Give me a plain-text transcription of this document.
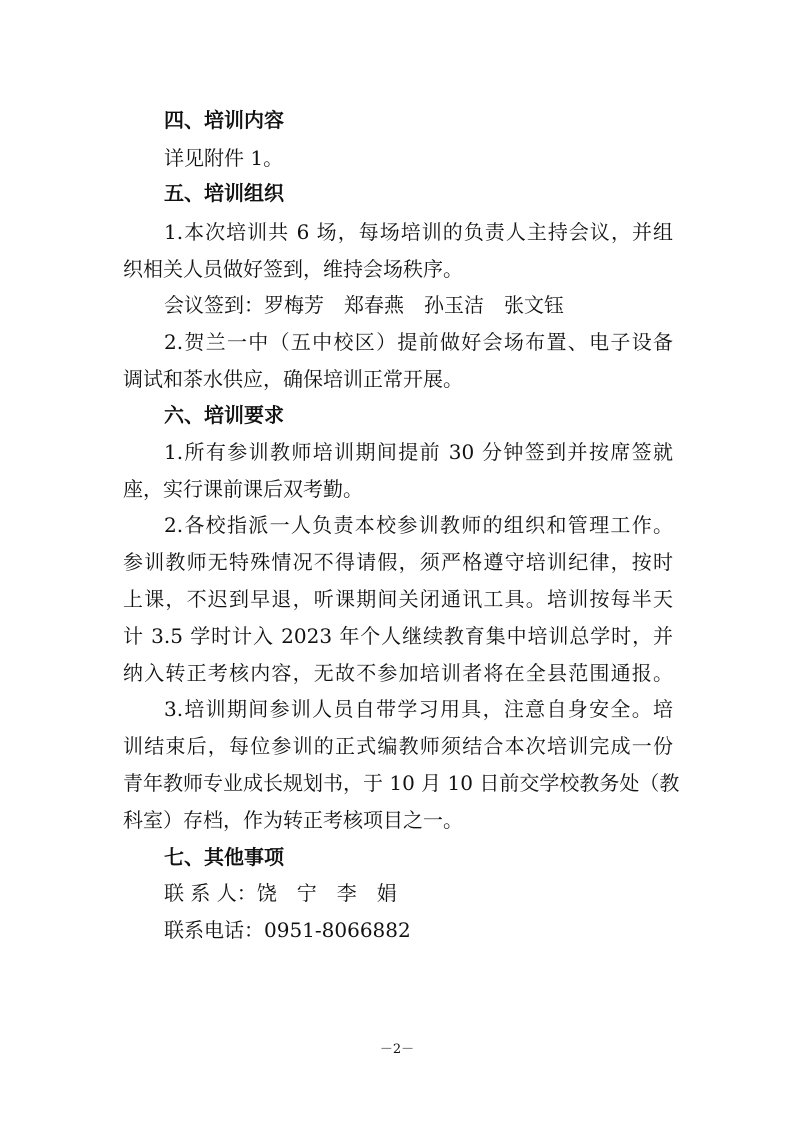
四、培训内容
详见附件 1。
五、培训组织
1.本次培训共 6 场，每场培训的负责人主持会议，并组
织相关人员做好签到，维持会场秩序。
会议签到：罗梅芳　郑春燕　孙玉洁　张文钰
2.贺兰一中（五中校区）提前做好会场布置、电子设备
调试和茶水供应，确保培训正常开展。
六、培训要求
1.所有参训教师培训期间提前 30 分钟签到并按席签就
座，实行课前课后双考勤。
2.各校指派一人负责本校参训教师的组织和管理工作。
参训教师无特殊情况不得请假，须严格遵守培训纪律，按时
上课，不迟到早退，听课期间关闭通讯工具。培训按每半天
计 3.5 学时计入 2023 年个人继续教育集中培训总学时，并
纳入转正考核内容，无故不参加培训者将在全县范围通报。
3.培训期间参训人员自带学习用具，注意自身安全。培
训结束后，每位参训的正式编教师须结合本次培训完成一份
青年教师专业成长规划书，于 10 月 10 日前交学校教务处（教
科室）存档，作为转正考核项目之一。
七、其他事项
联 系 人：饶　宁　李　娟
联系电话：0951-8066882
－2－
